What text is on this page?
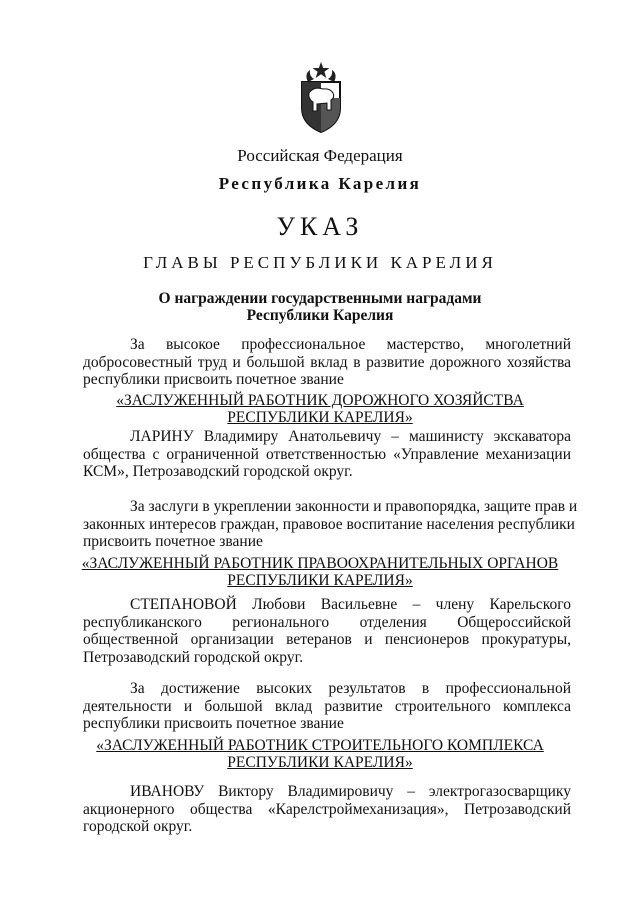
Российская Федерация
Республика Карелия
УКАЗ
ГЛАВЫ РЕСПУБЛИКИ КАРЕЛИЯ
О награждении государственными наградами
Республики Карелия
За высокое профессиональное мастерство, многолетний
добросовестный труд и большой вклад в развитие дорожного хозяйства
республики присвоить почетное звание
«ЗАСЛУЖЕННЫЙ РАБОТНИК ДОРОЖНОГО ХОЗЯЙСТВА
РЕСПУБЛИКИ КАРЕЛИЯ»
ЛАРИНУ Владимиру Анатольевичу – машинисту экскаватора
общества с ограниченной ответственностью «Управление механизации
КСМ», Петрозаводский городской округ.
За заслуги в укреплении законности и правопорядка, защите прав и
законных интересов граждан, правовое воспитание населения республики
присвоить почетное звание
«ЗАСЛУЖЕННЫЙ РАБОТНИК ПРАВООХРАНИТЕЛЬНЫХ ОРГАНОВ
РЕСПУБЛИКИ КАРЕЛИЯ»
СТЕПАНОВОЙ Любови Васильевне – члену Карельского
республиканского регионального отделения Общероссийской
общественной организации ветеранов и пенсионеров прокуратуры,
Петрозаводский городской округ.
За достижение высоких результатов в профессиональной
деятельности и большой вклад развитие строительного комплекса
республики присвоить почетное звание
«ЗАСЛУЖЕННЫЙ РАБОТНИК СТРОИТЕЛЬНОГО КОМПЛЕКСА
РЕСПУБЛИКИ КАРЕЛИЯ»
ИВАНОВУ Виктору Владимировичу – электрогазосварщику
акционерного общества «Карелстроймеханизация», Петрозаводский
городской округ.
